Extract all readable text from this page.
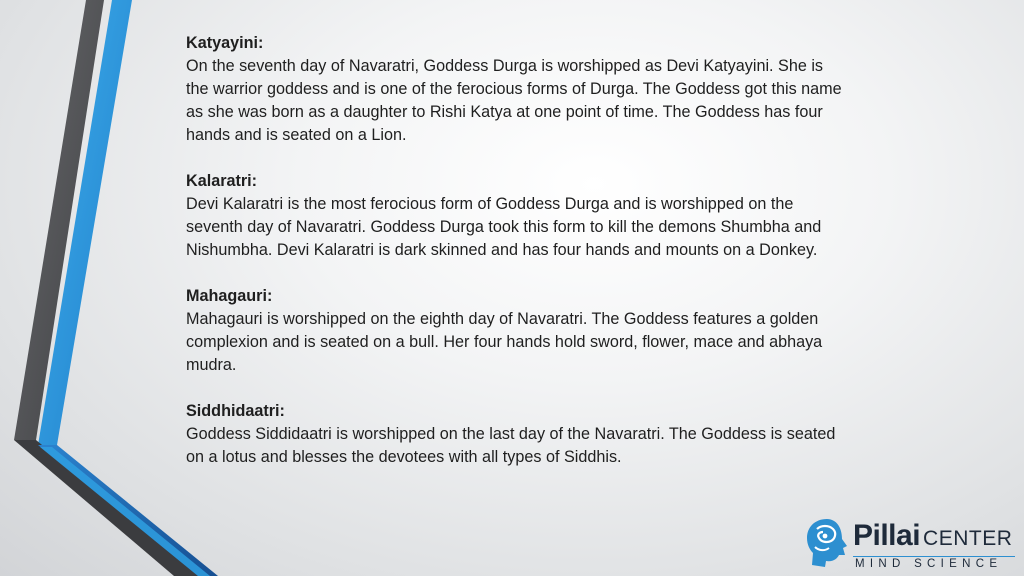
Katyayini:
On the seventh day of Navaratri, Goddess Durga is worshipped as Devi Katyayini. She is the warrior goddess and is one of the ferocious forms of Durga. The Goddess got this name as she was born as a daughter to Rishi Katya at one point of time. The Goddess has four hands and is seated on a Lion.
Kalaratri:
Devi Kalaratri is the most ferocious form of Goddess Durga and is worshipped on the seventh day of Navaratri. Goddess Durga took this form to kill the demons Shumbha and Nishumbha. Devi Kalaratri is dark skinned and has four hands and mounts on a Donkey.
Mahagauri:
Mahagauri is worshipped on the eighth day of Navaratri. The Goddess features a golden complexion and is seated on a bull. Her four hands hold sword, flower, mace and abhaya mudra.
Siddhidaatri:
Goddess Siddidaatri is worshipped on the last day of the Navaratri. The Goddess is seated on a lotus and blesses the devotees with all types of Siddhis.
Pillai CENTER
MIND SCIENCE
